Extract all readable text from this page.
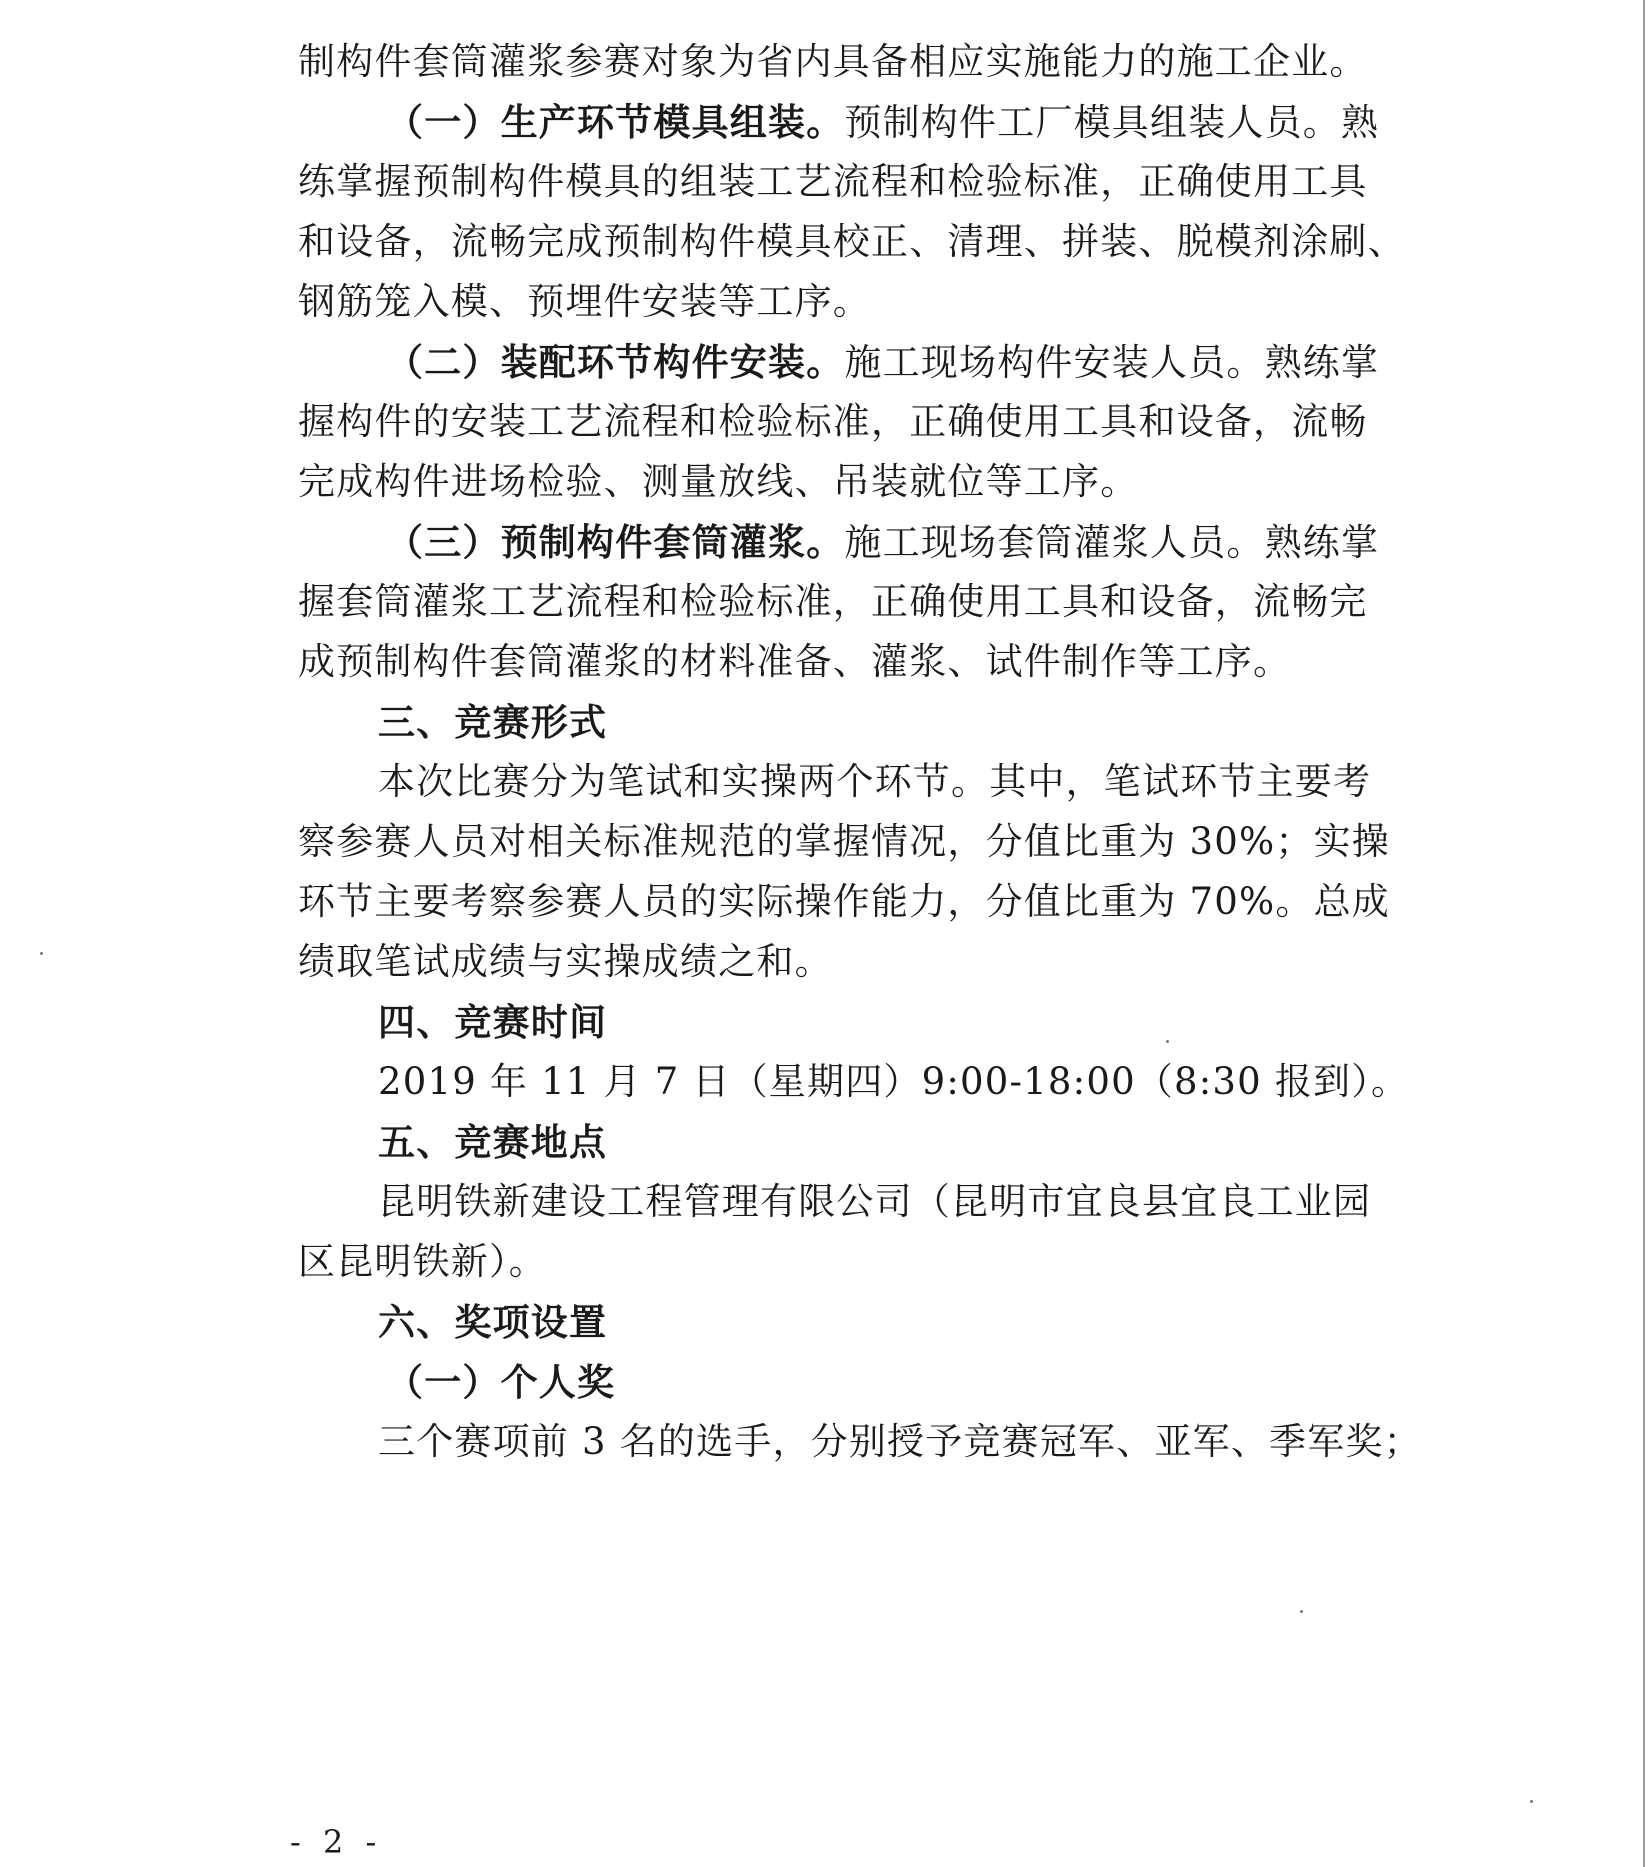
制构件套筒灌浆参赛对象为省内具备相应实施能力的施工企业。
（一）生产环节模具组装。预制构件工厂模具组装人员。熟
练掌握预制构件模具的组装工艺流程和检验标准，正确使用工具
和设备，流畅完成预制构件模具校正、清理、拼装、脱模剂涂刷、
钢筋笼入模、预埋件安装等工序。
（二）装配环节构件安装。施工现场构件安装人员。熟练掌
握构件的安装工艺流程和检验标准，正确使用工具和设备，流畅
完成构件进场检验、测量放线、吊装就位等工序。
（三）预制构件套筒灌浆。施工现场套筒灌浆人员。熟练掌
握套筒灌浆工艺流程和检验标准，正确使用工具和设备，流畅完
成预制构件套筒灌浆的材料准备、灌浆、试件制作等工序。
三、竞赛形式
本次比赛分为笔试和实操两个环节。其中，笔试环节主要考
察参赛人员对相关标准规范的掌握情况，分值比重为 30%；实操
环节主要考察参赛人员的实际操作能力，分值比重为 70%。总成
绩取笔试成绩与实操成绩之和。
四、竞赛时间
2019 年 11 月 7 日（星期四）9:00-18:00（8:30 报到）。
五、竞赛地点
昆明铁新建设工程管理有限公司（昆明市宜良县宜良工业园
区昆明铁新）。
六、奖项设置
（一）个人奖
三个赛项前 3 名的选手，分别授予竞赛冠军、亚军、季军奖；
- 2 -
